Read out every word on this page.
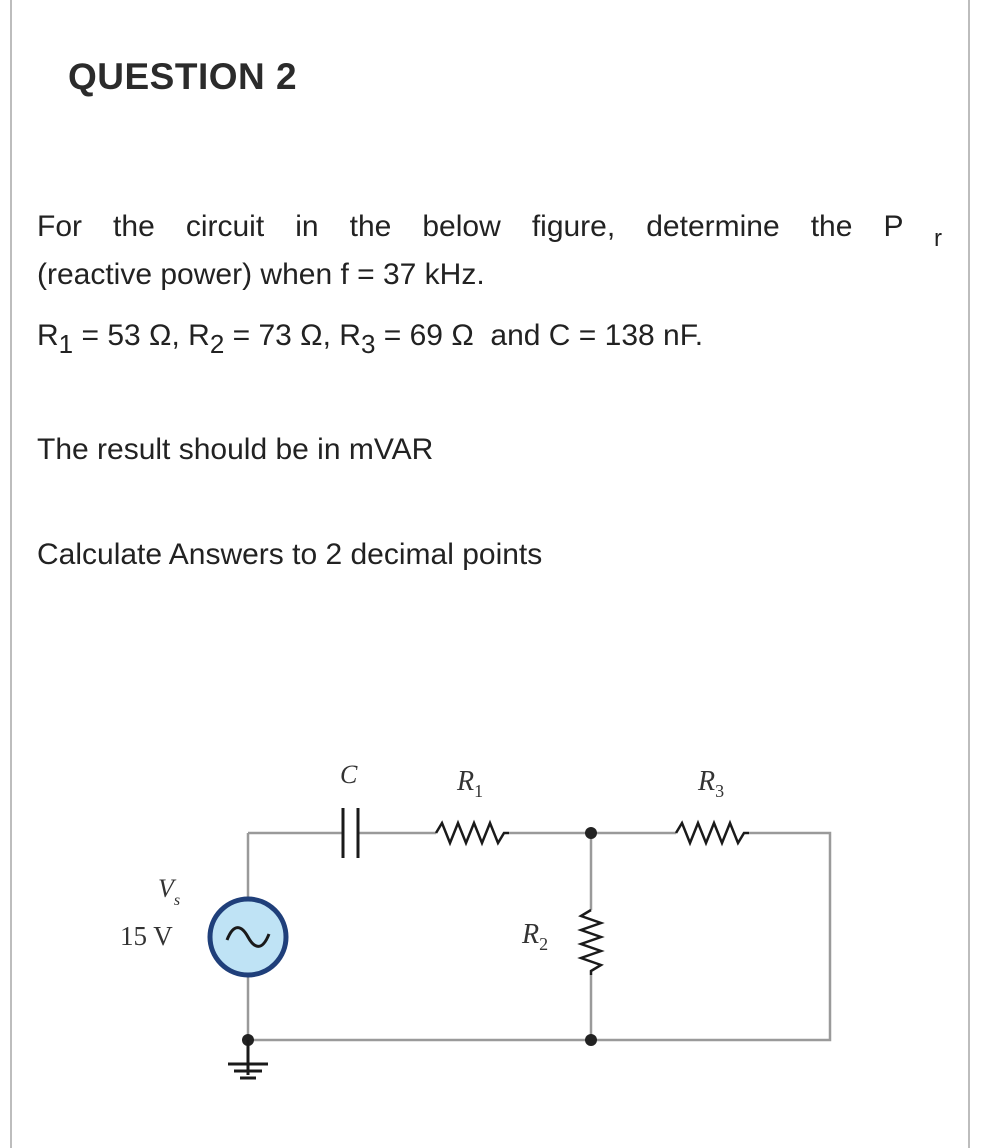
QUESTION 2
For the circuit in the below figure, determine the P $_r$
(reactive power) when f = 37 kHz.
$R_1 = 53$ Ω, $R_2 = 73$ Ω, $R_3 = 69$ Ω  and C = 138 nF.
The result should be in mVAR
Calculate Answers to 2 decimal points
C	$R_1$	$R_3$
$R_2$
$V_s$
15 V
